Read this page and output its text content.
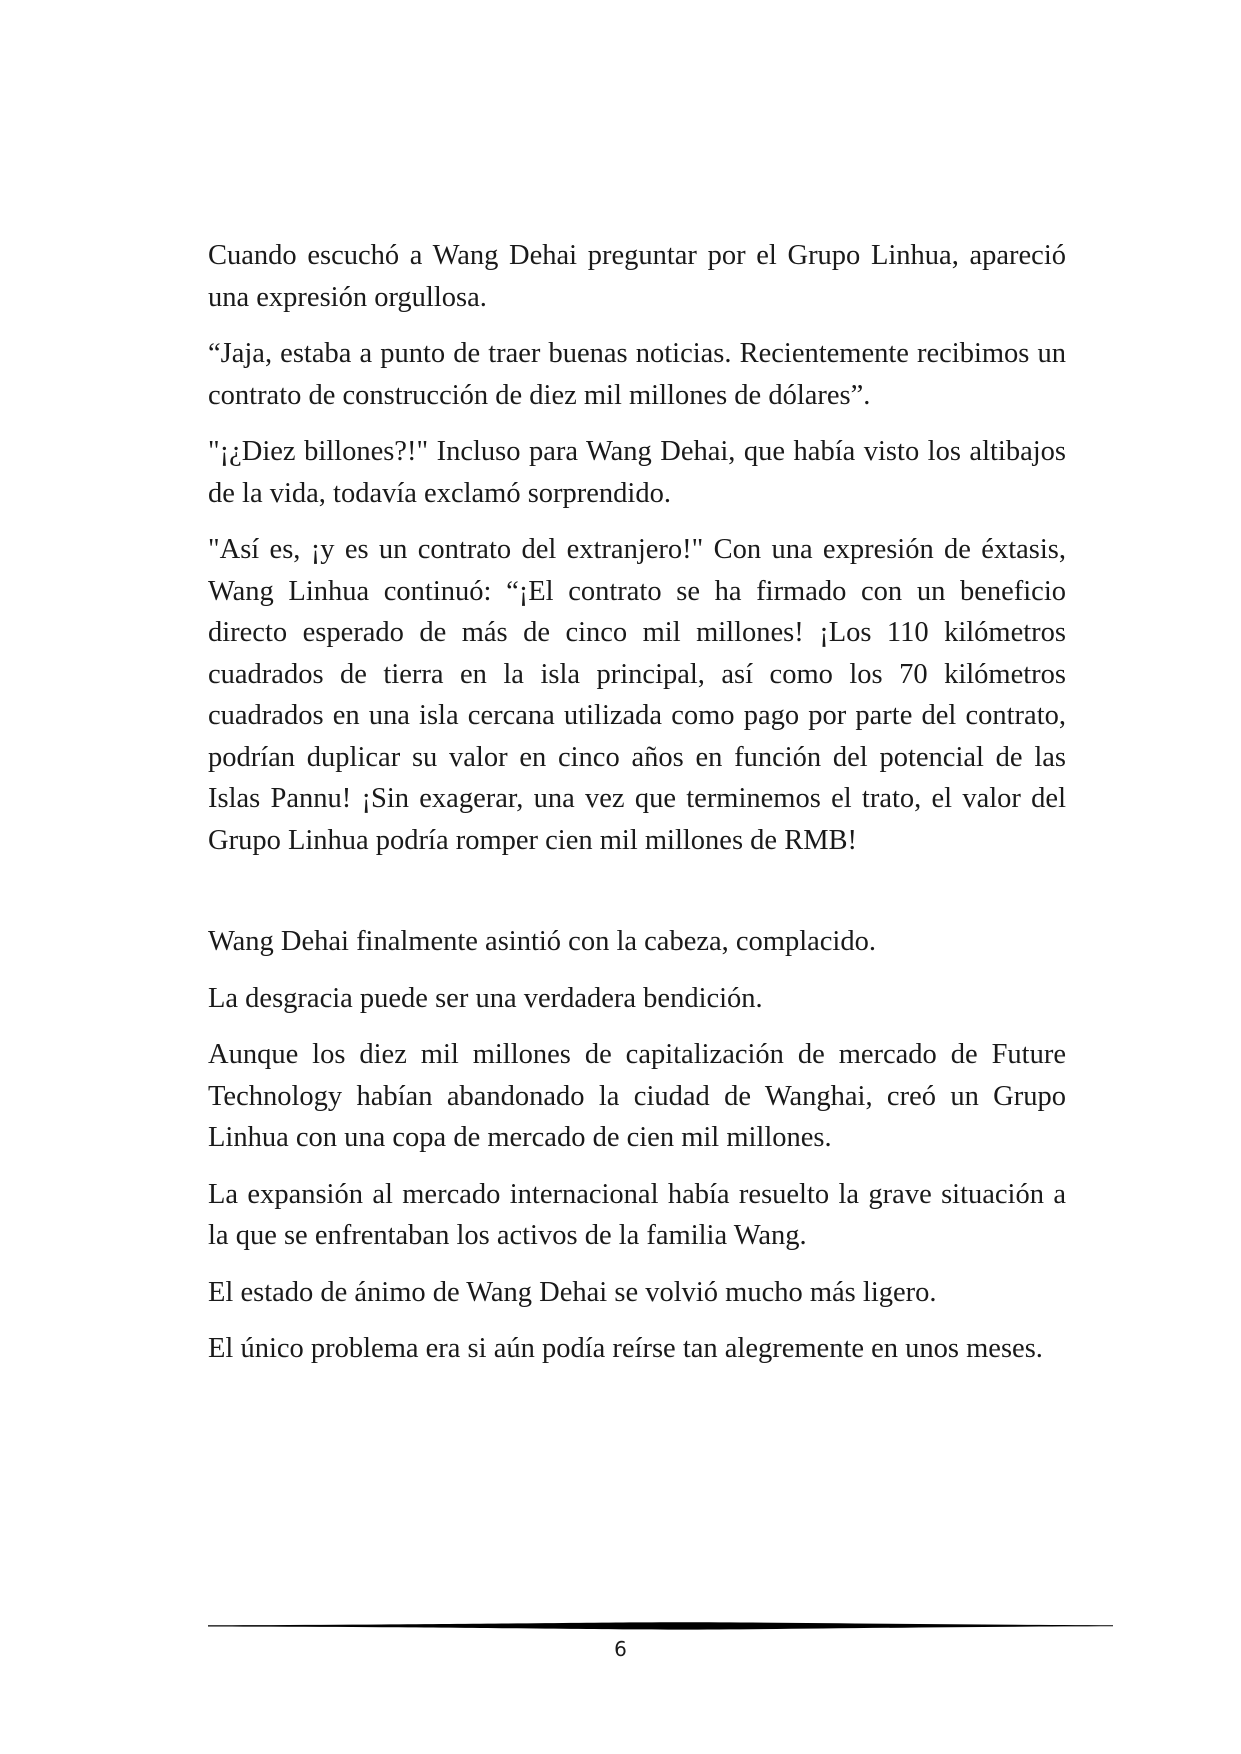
Cuando escuchó a Wang Dehai preguntar por el Grupo Linhua, apareció una expresión orgullosa.

“Jaja, estaba a punto de traer buenas noticias. Recientemente recibimos un contrato de construcción de diez mil millones de dólares”.

"¡¿Diez billones?!" Incluso para Wang Dehai, que había visto los altibajos de la vida, todavía exclamó sorprendido.

"Así es, ¡y es un contrato del extranjero!" Con una expresión de éxtasis, Wang Linhua continuó: “¡El contrato se ha firmado con un beneficio directo esperado de más de cinco mil millones! ¡Los 110 kilómetros cuadrados de tierra en la isla principal, así como los 70 kilómetros cuadrados en una isla cercana utilizada como pago por parte del contrato, podrían duplicar su valor en cinco años en función del potencial de las Islas Pannu! ¡Sin exagerar, una vez que terminemos el trato, el valor del Grupo Linhua podría romper cien mil millones de RMB!

Wang Dehai finalmente asintió con la cabeza, complacido.

La desgracia puede ser una verdadera bendición.

Aunque los diez mil millones de capitalización de mercado de Future Technology habían abandonado la ciudad de Wanghai, creó un Grupo Linhua con una copa de mercado de cien mil millones.

La expansión al mercado internacional había resuelto la grave situación a la que se enfrentaban los activos de la familia Wang.

El estado de ánimo de Wang Dehai se volvió mucho más ligero.

El único problema era si aún podía reírse tan alegremente en unos meses.

6
